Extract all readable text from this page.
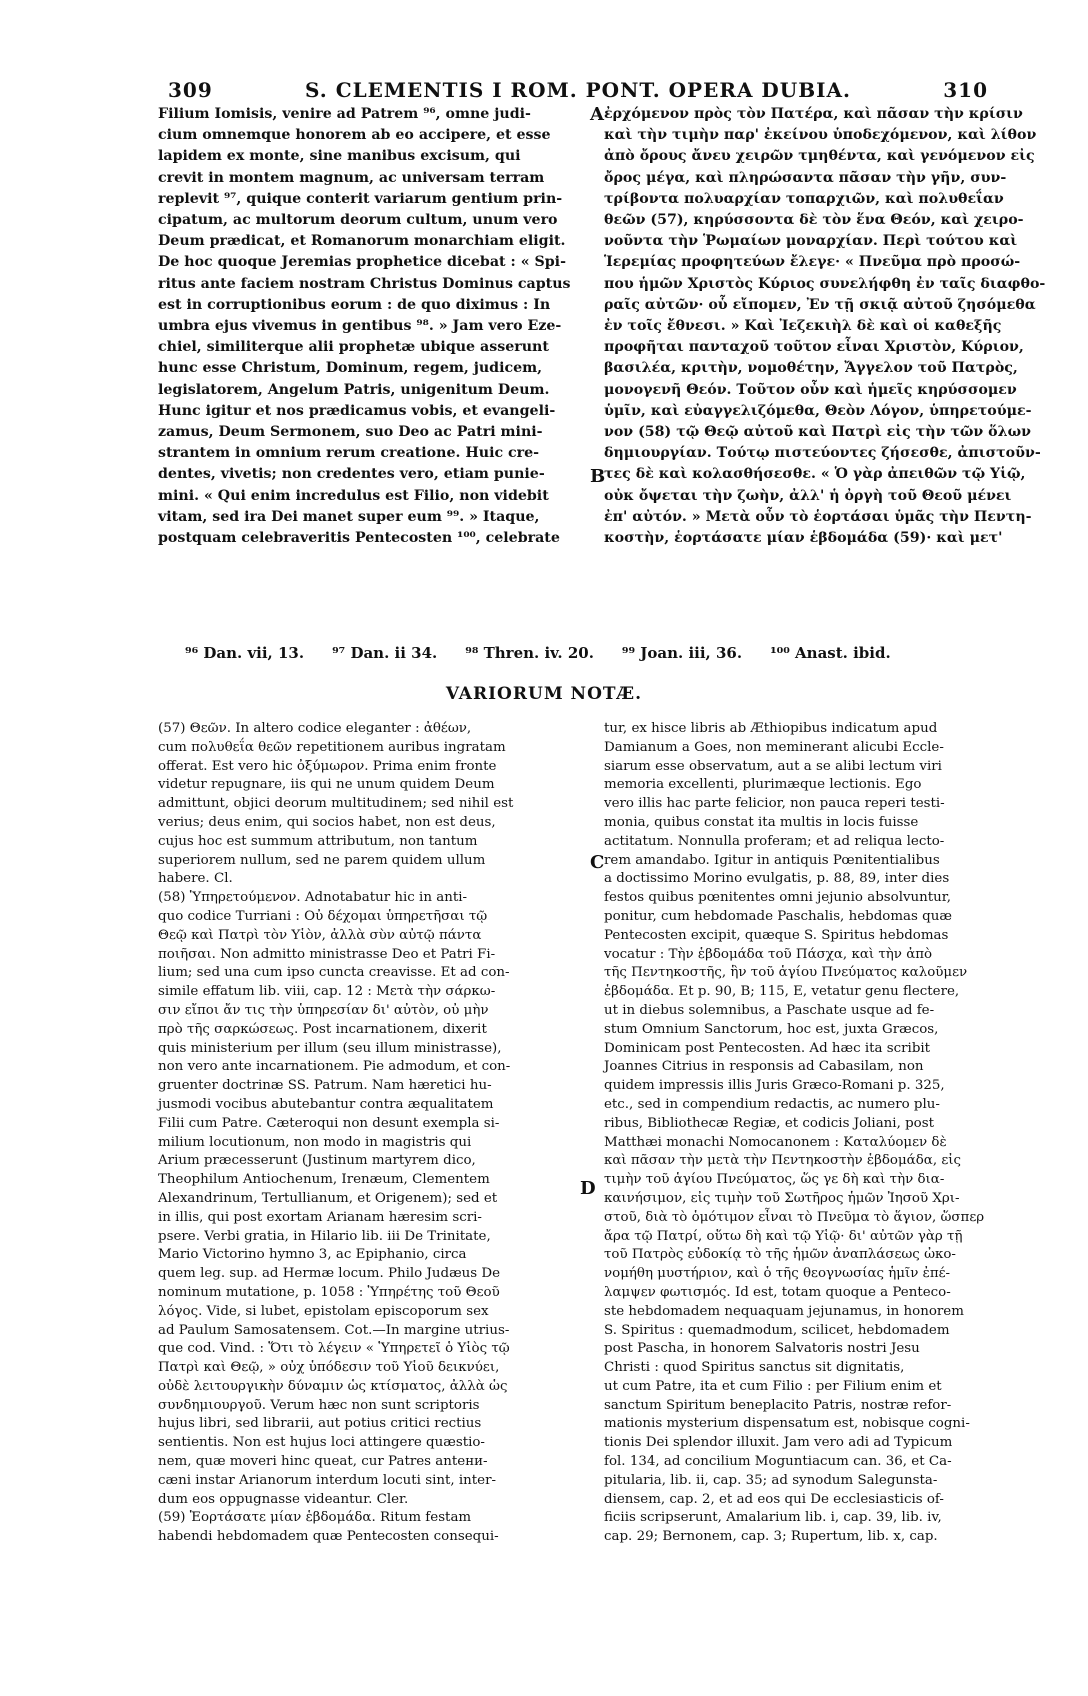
309	S. CLEMENTIS I ROM. PONT. OPERA DUBIA.	310
Filium Iomisis, venire ad Patrem ⁹⁶, omne judi-
cium omnemque honorem ab eo accipere, et esse
lapidem ex monte, sine manibus excisum, qui
crevit in montem magnum, ac universam terram
replevit ⁹⁷, quique conterit variarum gentium prin-
cipatum, ac multorum deorum cultum, unum vero
Deum prædicat, et Romanorum monarchiam eligit.
De hoc quoque Jeremias prophetice dicebat : « Spi-
ritus ante faciem nostram Christus Dominus captus
est in corruptionibus eorum : de quo diximus : In
umbra ejus vivemus in gentibus ⁹⁸. » Jam vero Eze-
chiel, similiterque alii prophetæ ubique asserunt
hunc esse Christum, Dominum, regem, judicem,
legislatorem, Angelum Patris, unigenitum Deum.
Hunc igitur et nos prædicamus vobis, et evangeli-
zamus, Deum Sermonem, suo Deo ac Patri mini-
strantem in omnium rerum creatione. Huic cre-
dentes, vivetis; non credentes vero, etiam punie-
mini. « Qui enim incredulus est Filio, non videbit
vitam, sed ira Dei manet super eum ⁹⁹. » Itaque,
postquam celebraveritis Pentecosten ¹⁰⁰, celebrate
ἐρχόμενον πρὸς τὸν Πατέρα, καὶ πᾶσαν τὴν κρίσιν
καὶ τὴν τιμὴν παρ' ἐκείνου ὑποδεχόμενον, καὶ λίθον
ἀπὸ ὄρους ἄνευ χειρῶν τμηθέντα, καὶ γενόμενον εἰς
ὄρος μέγα, καὶ πληρώσαντα πᾶσαν τὴν γῆν, συν-
τρίβοντα πολυαρχίαν τοπαρχιῶν, καὶ πολυθεΐαν
θεῶν (57), κηρύσσοντα δὲ τὸν ἕνα Θεόν, καὶ χειρο-
νοῦντα τὴν Ῥωμαίων μοναρχίαν. Περὶ τούτου καὶ
Ἱερεμίας προφητεύων ἔλεγε· « Πνεῦμα πρὸ προσώ-
που ἡμῶν Χριστὸς Κύριος συνελήφθη ἐν ταῖς διαφθο-
ραῖς αὐτῶν· οὗ εἴπομεν, Ἐν τῇ σκιᾷ αὐτοῦ ζησόμεθα
ἐν τοῖς ἔθνεσι. » Καὶ Ἰεζεκιὴλ δὲ καὶ οἱ καθεξῆς
προφῆται πανταχοῦ τοῦτον εἶναι Χριστὸν, Κύριον,
βασιλέα, κριτὴν, νομοθέτην, Ἄγγελον τοῦ Πατρὸς,
μονογενῆ Θεόν. Τοῦτον οὖν καὶ ἡμεῖς κηρύσσομεν
ὑμῖν, καὶ εὐαγγελιζόμεθα, Θεὸν Λόγον, ὑπηρετούμε-
νον (58) τῷ Θεῷ αὐτοῦ καὶ Πατρὶ εἰς τὴν τῶν ὅλων
δημιουργίαν. Τούτῳ πιστεύοντες ζήσεσθε, ἀπιστοῦν-
τες δὲ καὶ κολασθήσεσθε. « Ὁ γὰρ ἀπειθῶν τῷ Υἱῷ,
οὐκ ὄψεται τὴν ζωὴν, ἀλλ' ἡ ὀργὴ τοῦ Θεοῦ μένει
ἐπ' αὐτόν. » Μετὰ οὖν τὸ ἑορτάσαι ὑμᾶς τὴν Πεντη-
κοστὴν, ἑορτάσατε μίαν ἑβδομάδα (59)· καὶ μετ'
A
B
C
D
⁹⁶ Dan. vii, 13. ⁹⁷ Dan. ii 34. ⁹⁸ Thren. iv. 20. ⁹⁹ Joan. iii, 36. ¹⁰⁰ Anast. ibid.
VARIORUM NOTÆ.
(57) Θεῶν. In altero codice eleganter : ἀθέων,
cum πολυθεΐα θεῶν repetitionem auribus ingratam
offerat. Est vero hic ὀξύμωρον. Prima enim fronte
videtur repugnare, iis qui ne unum quidem Deum
admittunt, objici deorum multitudinem; sed nihil est
verius; deus enim, qui socios habet, non est deus,
cujus hoc est summum attributum, non tantum
superiorem nullum, sed ne parem quidem ullum
habere. Cl.
(58) Ὑπηρετούμενον. Adnotabatur hic in anti-
quo codice Turriani : Οὐ δέχομαι ὑπηρετῆσαι τῷ
Θεῷ καὶ Πατρὶ τὸν Υἱὸν, ἀλλὰ σὺν αὐτῷ πάντα
ποιῆσαι. Non admitto ministrasse Deo et Patri Fi-
lium; sed una cum ipso cuncta creavisse. Et ad con-
simile effatum lib. viii, cap. 12 : Μετὰ τὴν σάρκω-
σιν εἴποι ἄν τις τὴν ὑπηρεσίαν δι' αὐτὸν, οὐ μὴν
πρὸ τῆς σαρκώσεως. Post incarnationem, dixerit
quis ministerium per illum (seu illum ministrasse),
non vero ante incarnationem. Pie admodum, et con-
gruenter doctrinæ SS. Patrum. Nam hæretici hu-
jusmodi vocibus abutebantur contra æqualitatem
Filii cum Patre. Cæteroqui non desunt exempla si-
milium locutionum, non modo in magistris qui
Arium præcesserunt (Justinum martyrem dico,
Theophilum Antiochenum, Irenæum, Clementem
Alexandrinum, Tertullianum, et Origenem); sed et
in illis, qui post exortam Arianam hæresim scri-
psere. Verbi gratia, in Hilario lib. iii De Trinitate,
Mario Victorino hymno 3, ac Epiphanio, circa
quem leg. sup. ad Hermæ locum. Philo Judæus De
nominum mutatione, p. 1058 : Ὑπηρέτης τοῦ Θεοῦ
λόγος. Vide, si lubet, epistolam episcoporum sex
ad Paulum Samosatensem. Cot.—In margine utrius-
que cod. Vind. : Ὅτι τὸ λέγειν « Ὑπηρετεῖ ὁ Υἱὸς τῷ
Πατρὶ καὶ Θεῷ, » οὐχ ὑπόδεσιν τοῦ Υἱοῦ δεικνύει,
οὐδὲ λειτουργικὴν δύναμιν ὡς κτίσματος, ἀλλὰ ὡς
συνδημιουργοῦ. Verum hæc non sunt scriptoris
hujus libri, sed librarii, aut potius critici rectius
sentientis. Non est hujus loci attingere quæstio-
nem, quæ moveri hinc queat, cur Patres antени-
cæni instar Arianorum interdum locuti sint, inter-
dum eos oppugnasse videantur. Cler.
(59) Ἑορτάσατε μίαν ἑβδομάδα. Ritum festam
habendi hebdomadem quæ Pentecosten consequi-
tur, ex hisce libris ab Æthiopibus indicatum apud
Damianum a Goes, non meminerant alicubi Eccle-
siarum esse observatum, aut a se alibi lectum viri
memoria excellenti, plurimæque lectionis. Ego
vero illis hac parte felicior, non pauca reperi testi-
monia, quibus constat ita multis in locis fuisse
actitatum. Nonnulla proferam; et ad reliqua lecto-
rem amandabo. Igitur in antiquis Pœnitentialibus
a doctissimo Morino evulgatis, p. 88, 89, inter dies
festos quibus pœnitentes omni jejunio absolvuntur,
ponitur, cum hebdomade Paschalis, hebdomas quæ
Pentecosten excipit, quæque S. Spiritus hebdomas
vocatur : Τὴν ἑβδομάδα τοῦ Πάσχα, καὶ τὴν ἀπὸ
τῆς Πεντηκοστῆς, ἣν τοῦ ἁγίου Πνεύματος καλοῦμεν
ἑβδομάδα. Et p. 90, B; 115, E, vetatur genu flectere,
ut in diebus solemnibus, a Paschate usque ad fe-
stum Omnium Sanctorum, hoc est, juxta Græcos,
Dominicam post Pentecosten. Ad hæc ita scribit
Joannes Citrius in responsis ad Cabasilam, non
quidem impressis illis Juris Græco-Romani p. 325,
etc., sed in compendium redactis, ac numero plu-
ribus, Bibliothecæ Regiæ, et codicis Joliani, post
Matthæi monachi Nomocanonem : Καταλύομεν δὲ
καὶ πᾶσαν τὴν μετὰ τὴν Πεντηκοστὴν ἑβδομάδα, εἰς
τιμὴν τοῦ ἁγίου Πνεύματος, ὥς γε δὴ καὶ τὴν δια-
καινήσιμον, εἰς τιμὴν τοῦ Σωτῆρος ἡμῶν Ἰησοῦ Χρι-
στοῦ, διὰ τὸ ὁμότιμον εἶναι τὸ Πνεῦμα τὸ ἅγιον, ὥσπερ
ἄρα τῷ Πατρί, οὕτω δὴ καὶ τῷ Υἱῷ· δι' αὐτῶν γὰρ τῇ
τοῦ Πατρὸς εὐδοκίᾳ τὸ τῆς ἡμῶν ἀναπλάσεως ὠκο-
νομήθη μυστήριον, καὶ ὁ τῆς θεογνωσίας ἡμῖν ἐπέ-
λαμψεν φωτισμός. Id est, totam quoque a Penteco-
ste hebdomadem nequaquam jejunamus, in honorem
S. Spiritus : quemadmodum, scilicet, hebdomadem
post Pascha, in honorem Salvatoris nostri Jesu
Christi : quod Spiritus sanctus sit dignitatis,
ut cum Patre, ita et cum Filio : per Filium enim et
sanctum Spiritum beneplacito Patris, nostræ refor-
mationis mysterium dispensatum est, nobisque cogni-
tionis Dei splendor illuxit. Jam vero adi ad Typicum
fol. 134, ad concilium Moguntiacum can. 36, et Ca-
pitularia, lib. ii, cap. 35; ad synodum Salegunsta-
diensem, cap. 2, et ad eos qui De ecclesiasticis of-
ficiis scripserunt, Amalarium lib. i, cap. 39, lib. iv,
cap. 29; Bernonem, cap. 3; Rupertum, lib. x, cap.
